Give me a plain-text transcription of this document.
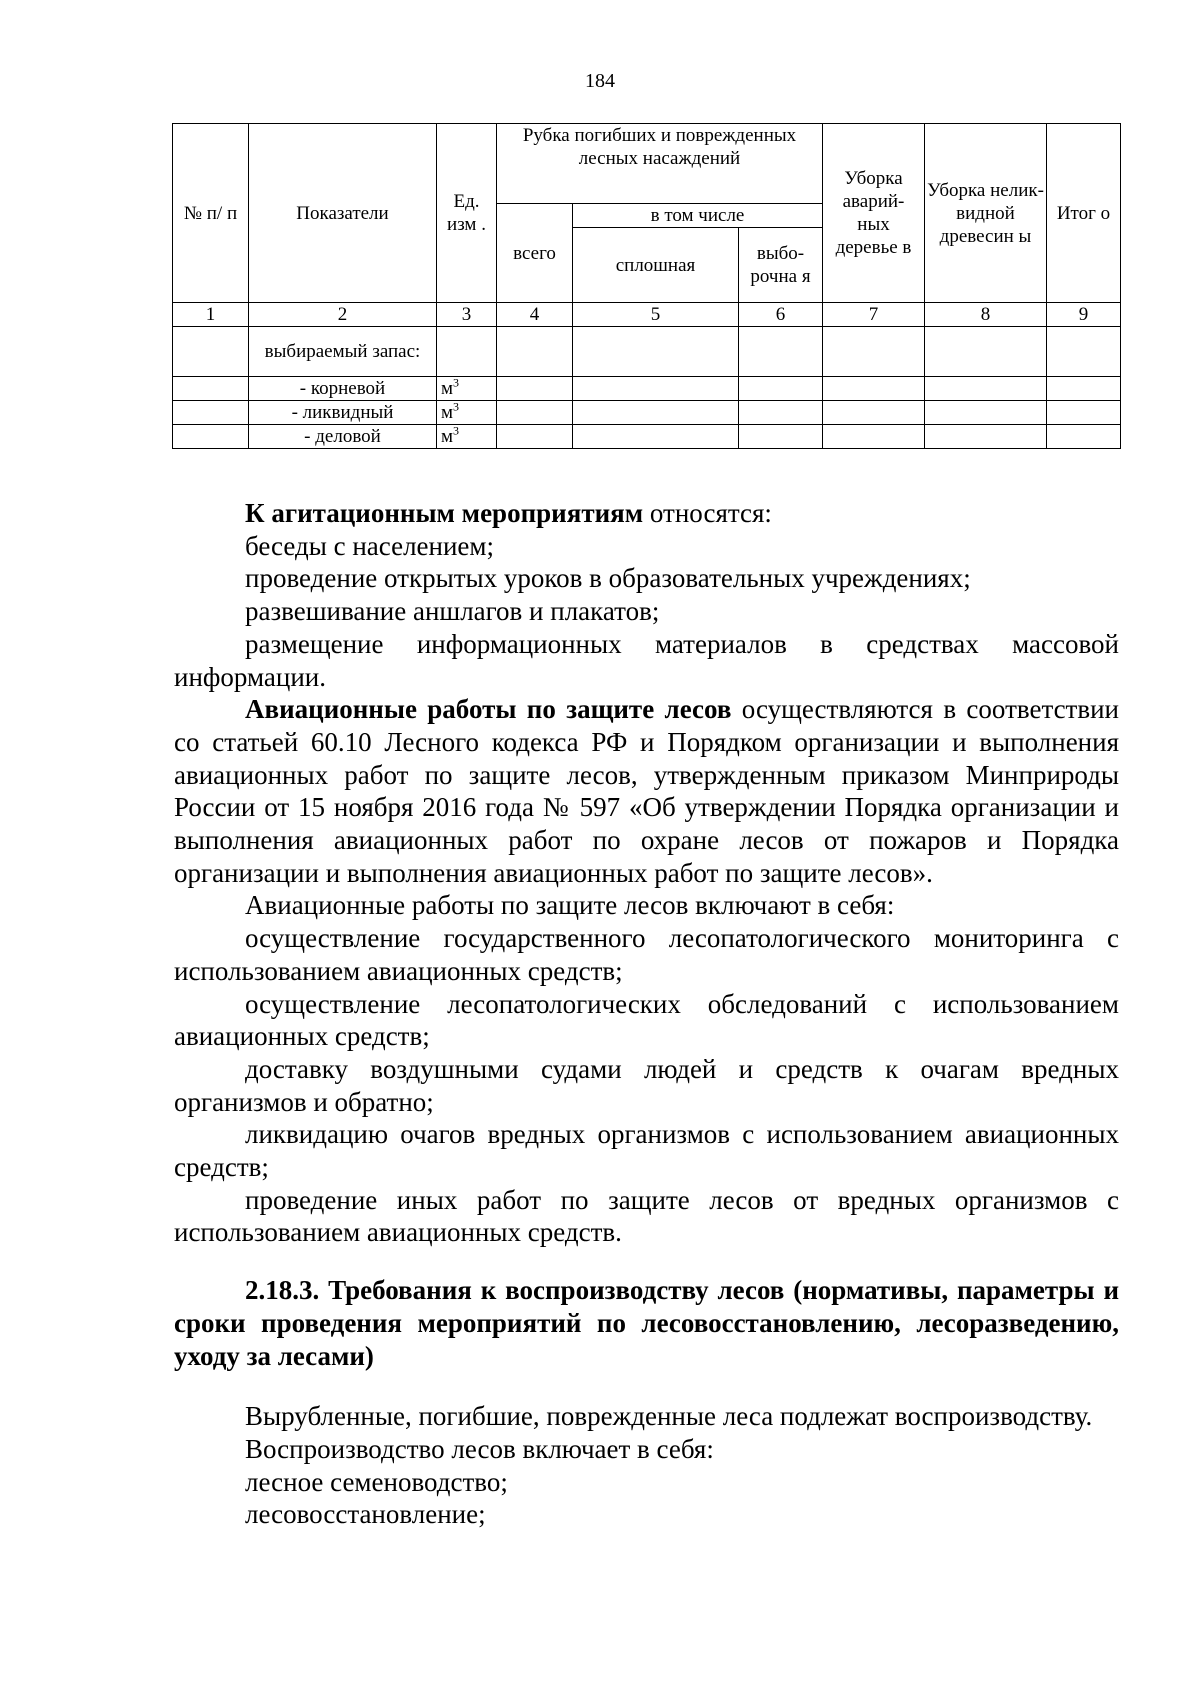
184
№ п/ п	Показатели	Ед. изм .	Рубка погибших и поврежденных лесных насаждений			Уборка аварий- ных деревье в	Уборка нелик- видной древесин ы	Итог о
			всего	в том числе				
				сплошная	выбо- рочна я			
1	2	3	4	5	6	7	8	9
	выбираемый запас:							
	- корневой	$м^3$						
	- ликвидный	$м^3$						
	- деловой	$м^3$						

К агитационным мероприятиям относятся:

беседы с населением;

проведение открытых уроков в образовательных учреждениях;

развешивание аншлагов и плакатов;

размещение информационных материалов в средствах массовой информации.

Авиационные работы по защите лесов осуществляются в соответствии со статьей 60.10 Лесного кодекса РФ и Порядком организации и выполнения авиационных работ по защите лесов, утвержденным приказом Минприроды России от 15 ноября 2016 года № 597 «Об утверждении Порядка организации и выполнения авиационных работ по охране лесов от пожаров и Порядка организации и выполнения авиационных работ по защите лесов».

Авиационные работы по защите лесов включают в себя:

осуществление государственного лесопатологического мониторинга с использованием авиационных средств;

осуществление лесопатологических обследований с использованием авиационных средств;

доставку воздушными судами людей и средств к очагам вредных организмов и обратно;

ликвидацию очагов вредных организмов с использованием авиационных средств;

проведение иных работ по защите лесов от вредных организмов с использованием авиационных средств.

2.18.3. Требования к воспроизводству лесов (нормативы, параметры и сроки проведения мероприятий по лесовосстановлению, лесоразведению, уходу за лесами)

Вырубленные, погибшие, поврежденные леса подлежат воспроизводству.

Воспроизводство лесов включает в себя:

лесное семеноводство;

лесовосстановление;
